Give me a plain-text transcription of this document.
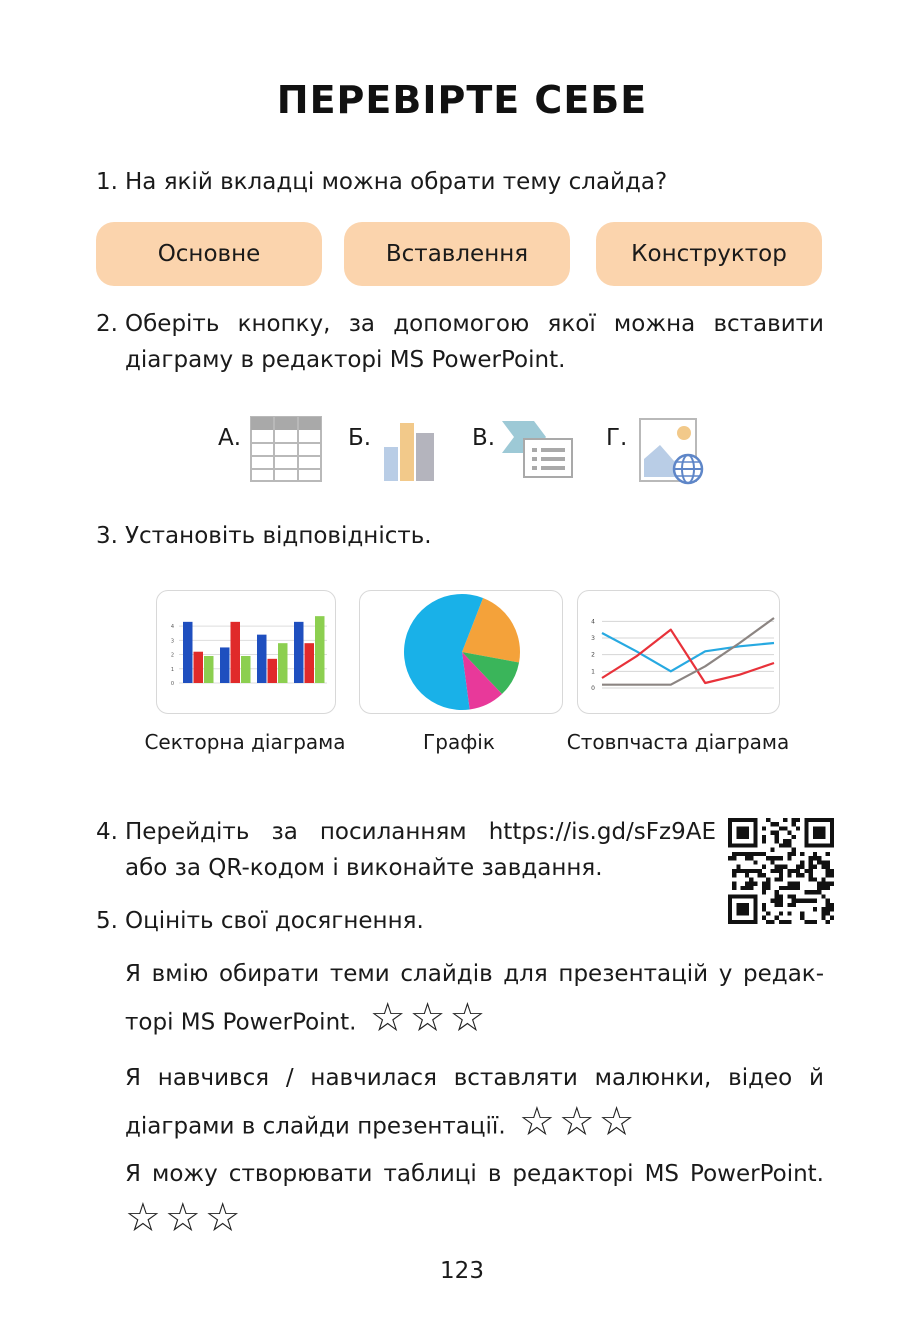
ПЕРЕВІРТЕ СЕБЕ
1. На якій вкладці можна обрати тему слайда?
Основне	Вставлення	Конструктор
2. Оберіть кнопку, за допомогою якої можна вставити діаграму в редакторі MS PowerPoint.
А.	Б.	В.	Г.
3. Установіть відповідність.
0
1
2
3
4
0
1
2
3
4
Секторна діаграма	Графік	Стовпчаста діаграма
4. Перейдіть за посиланням https://is.gd/sFz9AE або за QR-кодом і виконайте завдання.
5. Оцініть свої досягнення.
Я вмію обирати теми слайдів для презентацій у редак-
торі MS PowerPoint. ☆ ☆ ☆
Я навчився / навчилася вставляти малюнки, відео й
діаграми в слайди презентації. ☆ ☆ ☆
Я можу створювати таблиці в редакторі MS PowerPoint.
☆ ☆ ☆
123
